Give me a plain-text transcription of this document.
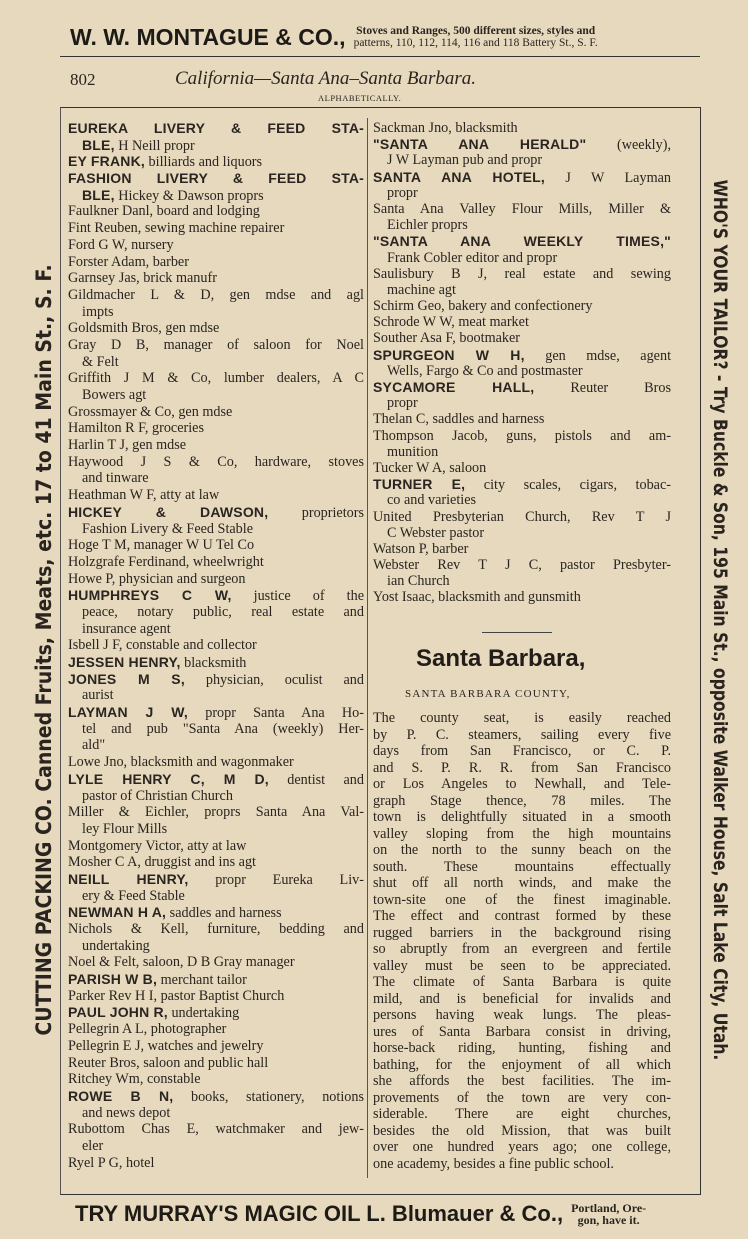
W. W. MONTAGUE & CO., Stoves and Ranges, 500 different sizes, styles and
patterns, 110, 112, 114, 116 and 118 Battery St., S. F.
802	California—Santa Ana–Santa Barbara.
ALPHABETICALLY.
EUREKA LIVERY & FEED STA-
BLE, H Neill propr
EY FRANK, billiards and liquors
FASHION LIVERY & FEED STA-
BLE, Hickey & Dawson proprs
Faulkner Danl, board and lodging
Fint Reuben, sewing machine repairer
Ford G W, nursery
Forster Adam, barber
Garnsey Jas, brick manufr
Gildmacher L & D, gen mdse and agl
impts
Goldsmith Bros, gen mdse
Gray D B, manager of saloon for Noel
& Felt
Griffith J M & Co, lumber dealers, A C
Bowers agt
Grossmayer & Co, gen mdse
Hamilton R F, groceries
Harlin T J, gen mdse
Haywood J S & Co, hardware, stoves
and tinware
Heathman W F, atty at law
HICKEY & DAWSON, proprietors
Fashion Livery & Feed Stable
Hoge T M, manager W U Tel Co
Holzgrafe Ferdinand, wheelwright
Howe P, physician and surgeon
HUMPHREYS C W, justice of the
peace, notary public, real estate and
insurance agent
Isbell J F, constable and collector
JESSEN HENRY, blacksmith
JONES M S, physician, oculist and
aurist
LAYMAN J W, propr Santa Ana Ho-
tel and pub "Santa Ana (weekly) Her-
ald"
Lowe Jno, blacksmith and wagonmaker
LYLE HENRY C, M D, dentist and
pastor of Christian Church
Miller & Eichler, proprs Santa Ana Val-
ley Flour Mills
Montgomery Victor, atty at law
Mosher C A, druggist and ins agt
NEILL HENRY, propr Eureka Liv-
ery & Feed Stable
NEWMAN H A, saddles and harness
Nichols & Kell, furniture, bedding and
undertaking
Noel & Felt, saloon, D B Gray manager
PARISH W B, merchant tailor
Parker Rev H I, pastor Baptist Church
PAUL JOHN R, undertaking
Pellegrin A L, photographer
Pellegrin E J, watches and jewelry
Reuter Bros, saloon and public hall
Ritchey Wm, constable
ROWE B N, books, stationery, notions
and news depot
Rubottom Chas E, watchmaker and jew-
eler
Ryel P G, hotel
Sackman Jno, blacksmith
"SANTA ANA HERALD" (weekly),
J W Layman pub and propr
SANTA ANA HOTEL, J W Layman
propr
Santa Ana Valley Flour Mills, Miller &
Eichler proprs
"SANTA ANA WEEKLY TIMES,"
Frank Cobler editor and propr
Saulisbury B J, real estate and sewing
machine agt
Schirm Geo, bakery and confectionery
Schrode W W, meat market
Souther Asa F, bootmaker
SPURGEON W H, gen mdse, agent
Wells, Fargo & Co and postmaster
SYCAMORE HALL, Reuter Bros
propr
Thelan C, saddles and harness
Thompson Jacob, guns, pistols and am-
munition
Tucker W A, saloon
TURNER E, city scales, cigars, tobac-
co and varieties
United Presbyterian Church, Rev T J
C Webster pastor
Watson P, barber
Webster Rev T J C, pastor Presbyter-
ian Church
Yost Isaac, blacksmith and gunsmith
Santa Barbara,
SANTA BARBARA COUNTY,
The county seat, is easily reached
by P. C. steamers, sailing every five
days from San Francisco, or C. P.
and S. P. R. R. from San Francisco
or Los Angeles to Newhall, and Tele-
graph Stage thence, 78 miles. The
town is delightfully situated in a smooth
valley sloping from the high mountains
on the north to the sunny beach on the
south. These mountains effectually
shut off all north winds, and make the
town-site one of the finest imaginable.
The effect and contrast formed by these
rugged barriers in the background rising
so abruptly from an evergreen and fertile
valley must be seen to be appreciated.
The climate of Santa Barbara is quite
mild, and is beneficial for invalids and
persons having weak lungs. The pleas-
ures of Santa Barbara consist in driving,
horse-back riding, hunting, fishing and
bathing, for the enjoyment of all which
she affords the best facilities. The im-
provements of the town are very con-
siderable. There are eight churches,
besides the old Mission, that was built
over one hundred years ago; one college,
one academy, besides a fine public school.
TRY MURRAY'S MAGIC OIL L. Blumauer & Co., Portland, Ore-
gon, have it.
CUTTING PACKING CO. Canned Fruits, Meats, etc. 17 to 41 Main St., S. F.	WHO'S YOUR TAILOR? - Try Buckle & Son, 195 Main St., opposite Walker House, Salt Lake City, Utah.
